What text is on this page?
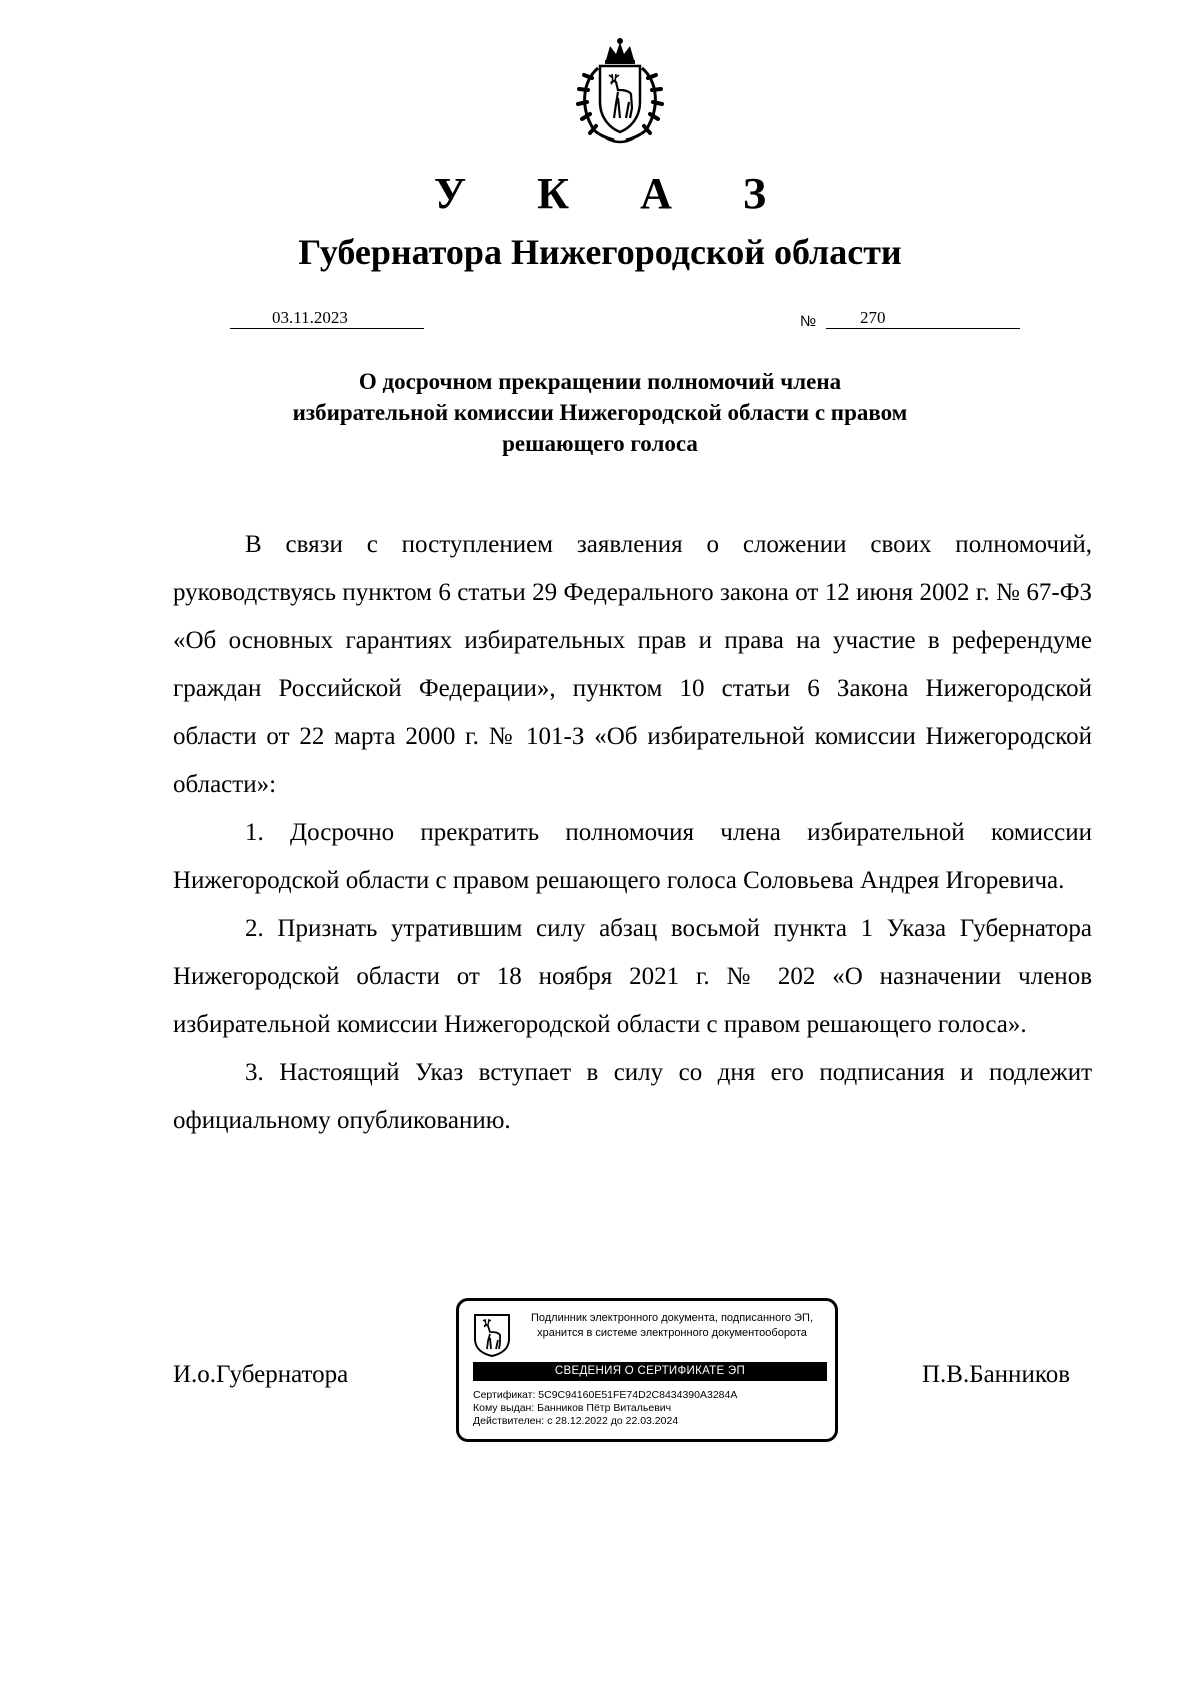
У К А З
Губернатора Нижегородской области
03.11.2023	№	270
О досрочном прекращении полномочий члена
избирательной комиссии Нижегородской области с правом
решающего голоса

В связи с поступлением заявления о сложении своих полномочий, руководствуясь пунктом 6 статьи 29 Федерального закона от 12 июня 2002 г. № 67-ФЗ «Об основных гарантиях избирательных прав и права на участие в референдуме граждан Российской Федерации», пунктом 10 статьи 6 Закона Нижегородской области от 22 марта 2000 г. № 101-З «Об избирательной комиссии Нижегородской области»:

1. Досрочно прекратить полномочия члена избирательной комиссии Нижегородской области с правом решающего голоса Соловьева Андрея Игоревича.

2. Признать утратившим силу абзац восьмой пункта 1 Указа Губернатора Нижегородской области от 18 ноября 2021 г. № 202 «О назначении членов избирательной комиссии Нижегородской области с правом решающего голоса».

3. Настоящий Указ вступает в силу со дня его подписания и подлежит официальному опубликованию.

И.о.Губернатора
Подлинник электронного документа, подписанного ЭП,
хранится в системе электронного документооборота
СВЕДЕНИЯ О СЕРТИФИКАТЕ ЭП
Сертификат: 5C9C94160E51FE74D2C8434390A3284A
Кому выдан: Банников Пётр Витальевич
Действителен: с 28.12.2022 до 22.03.2024
П.В.Банников
